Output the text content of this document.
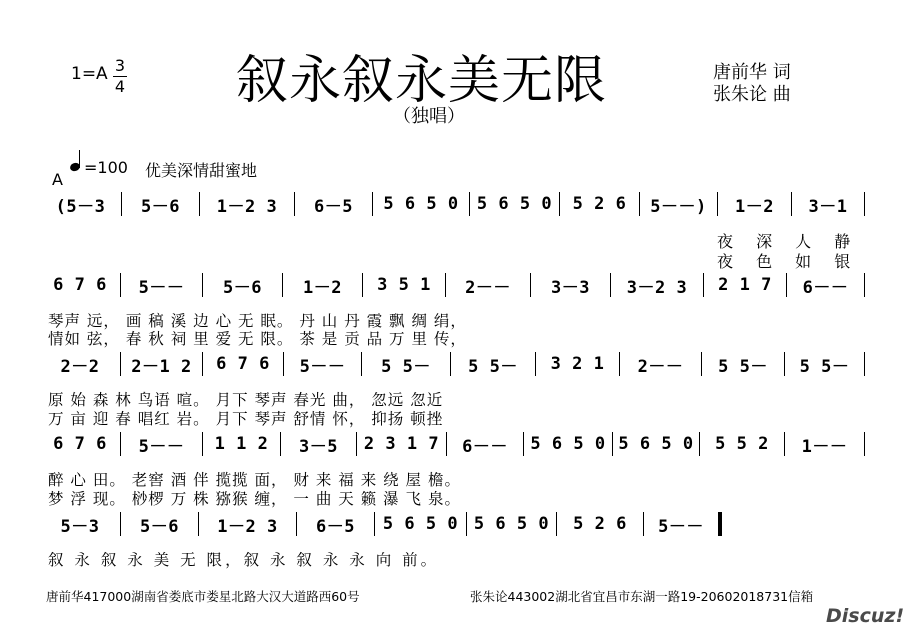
1=A 3
4 叙永叙永美无限
（独唱）
唐前华 词
张朱论 曲
A
=100 优美深情甜蜜地
(5－3	5－6	1－2 3	6－5	5 6 5 0	5 6 5 0	5 2 6	5－－)	1－2	3－1
夜 深 人 静
夜 色 如 银
6 7 6	5－－	5－6	1－2	3 5 1	2－－	3－3	3－2 3	2 1 7	6－－
琴声 远， 画 稿 溪 边 心 无 眠。 丹 山 丹 霞 飘 绸 绢，
情如 弦， 春 秋 祠 里 爱 无 限。 茶 是 贡 品 万 里 传，
2－2	2－1 2	6 7 6	5－－	5 5－	5 5－	3 2 1	2－－	5 5－	5 5－
原 始 森 林 鸟语 喧。 月下 琴声 春光 曲， 忽远 忽近
万 亩 迎 春 唱红 岩。 月下 琴声 舒情 怀， 抑扬 顿挫
6 7 6	5－－	1 1 2	3－5	2 3 1 7	6－－	5 6 5 0 5 6 5 0	5 5 2	1－－
醉 心 田。 老窖 酒 伴 揽揽 面， 财 来 福 来 绕 屋 檐。
梦 浮 现。 桫椤 万 株 猕猴 缠， 一 曲 天 籁 瀑 飞 泉。
5－3	5－6	1－2 3	6－5	5 6 5 0 5 6 5 0	5 2 6	5－－
叙 永 叙 永 美 无 限，叙 永 叙 永 永 向 前。
唐前华417000湖南省娄底市娄星北路大汉大道路西60号	张朱论443002湖北省宜昌市东湖一路19-20602018731信箱
Discuz!
